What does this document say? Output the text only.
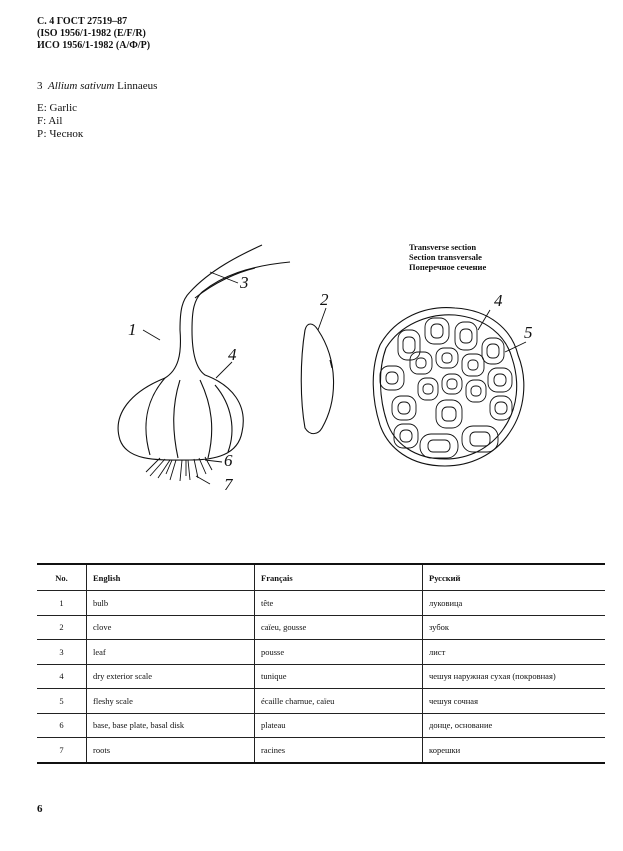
С. 4 ГОСТ 27519–87
(ISO 1956/1-1982 (E/F/R)
ИСО 1956/1-1982 (А/Ф/Р)
3 Allium sativum Linnaeus
E: Garlic
F: Ail
Р: Чеснок
Transverse section
Section transversale
Поперечное сечение
1
2
3
4
4
5
6
7
No.	English	Français	Русский
1	bulb	tête	луковица
2	clove	caïeu, gousse	зубок
3	leaf	pousse	лист
4	dry exterior scale	tunique	чешуя наружная сухая (покровная)
5	fleshy scale	écaille charnue, caïeu	чешуя сочная
6	base, base plate, basal disk	plateau	донце, основание
7	roots	racines	корешки
6
